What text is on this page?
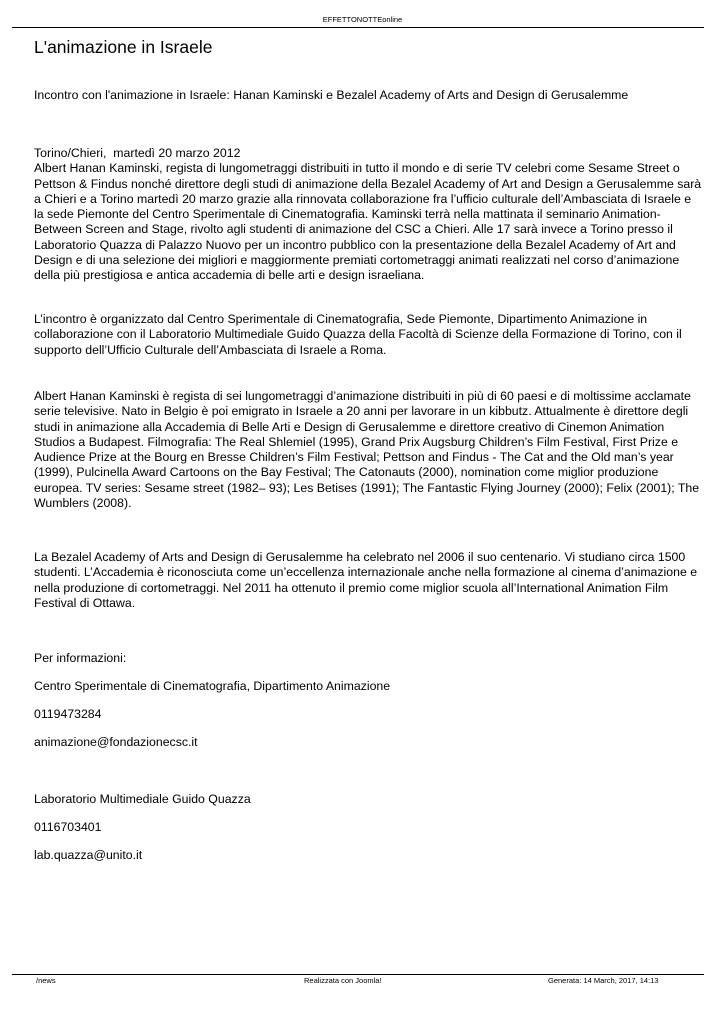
EFFETTONOTTEonline
L'animazione in Israele

Incontro con l'animazione in Israele: Hanan Kaminski e Bezalel Academy of Arts and Design di Gerusalemme

Torino/Chieri,  martedì 20 marzo 2012
Albert Hanan Kaminski, regista di lungometraggi distribuiti in tutto il mondo e di serie TV celebri come Sesame Street o Pettson & Findus nonché direttore degli studi di animazione della Bezalel Academy of Art and Design a Gerusalemme sarà a Chieri e a Torino martedì 20 marzo grazie alla rinnovata collaborazione fra l’ufficio culturale dell’Ambasciata di Israele e la sede Piemonte del Centro Sperimentale di Cinematografia. Kaminski terrà nella mattinata il seminario Animation-Between Screen and Stage, rivolto agli studenti di animazione del CSC a Chieri. Alle 17 sarà invece a Torino presso il Laboratorio Quazza di Palazzo Nuovo per un incontro pubblico con la presentazione della Bezalel Academy of Art and Design e di una selezione dei migliori e maggiormente premiati cortometraggi animati realizzati nel corso d’animazione della più prestigiosa e antica accademia di belle arti e design israeliana.

L’incontro è organizzato dal Centro Sperimentale di Cinematografia, Sede Piemonte, Dipartimento Animazione in collaborazione con il Laboratorio Multimediale Guido Quazza della Facoltà di Scienze della Formazione di Torino, con il supporto dell’Ufficio Culturale dell’Ambasciata di Israele a Roma.

Albert Hanan Kaminski è regista di sei lungometraggi d’animazione distribuiti in più di 60 paesi e di moltissime acclamate serie televisive. Nato in Belgio è poi emigrato in Israele a 20 anni per lavorare in un kibbutz. Attualmente è direttore degli studi in animazione alla Accademia di Belle Arti e Design di Gerusalemme e direttore creativo di Cinemon Animation Studios a Budapest. Filmografia: The Real Shlemiel (1995), Grand Prix Augsburg Children’s Film Festival, First Prize e Audience Prize at the Bourg en Bresse Children’s Film Festival; Pettson and Findus - The Cat and the Old man’s year (1999), Pulcinella Award Cartoons on the Bay Festival; The Catonauts (2000), nomination come miglior produzione europea. TV series: Sesame street (1982– 93); Les Betises (1991); The Fantastic Flying Journey (2000); Felix (2001); The Wumblers (2008).

La Bezalel Academy of Arts and Design di Gerusalemme ha celebrato nel 2006 il suo centenario. Vi studiano circa 1500 studenti. L’Accademia è riconosciuta come un’eccellenza internazionale anche nella formazione al cinema d’animazione e nella produzione di cortometraggi. Nel 2011 ha ottenuto il premio come miglior scuola all’International Animation Film Festival di Ottawa.

Per informazioni:

Centro Sperimentale di Cinematografia, Dipartimento Animazione

0119473284

animazione@fondazionecsc.it

Laboratorio Multimediale Guido Quazza

0116703401

lab.quazza@unito.it

/news	Realizzata con Joomla!	Generata: 14 March, 2017, 14:13
